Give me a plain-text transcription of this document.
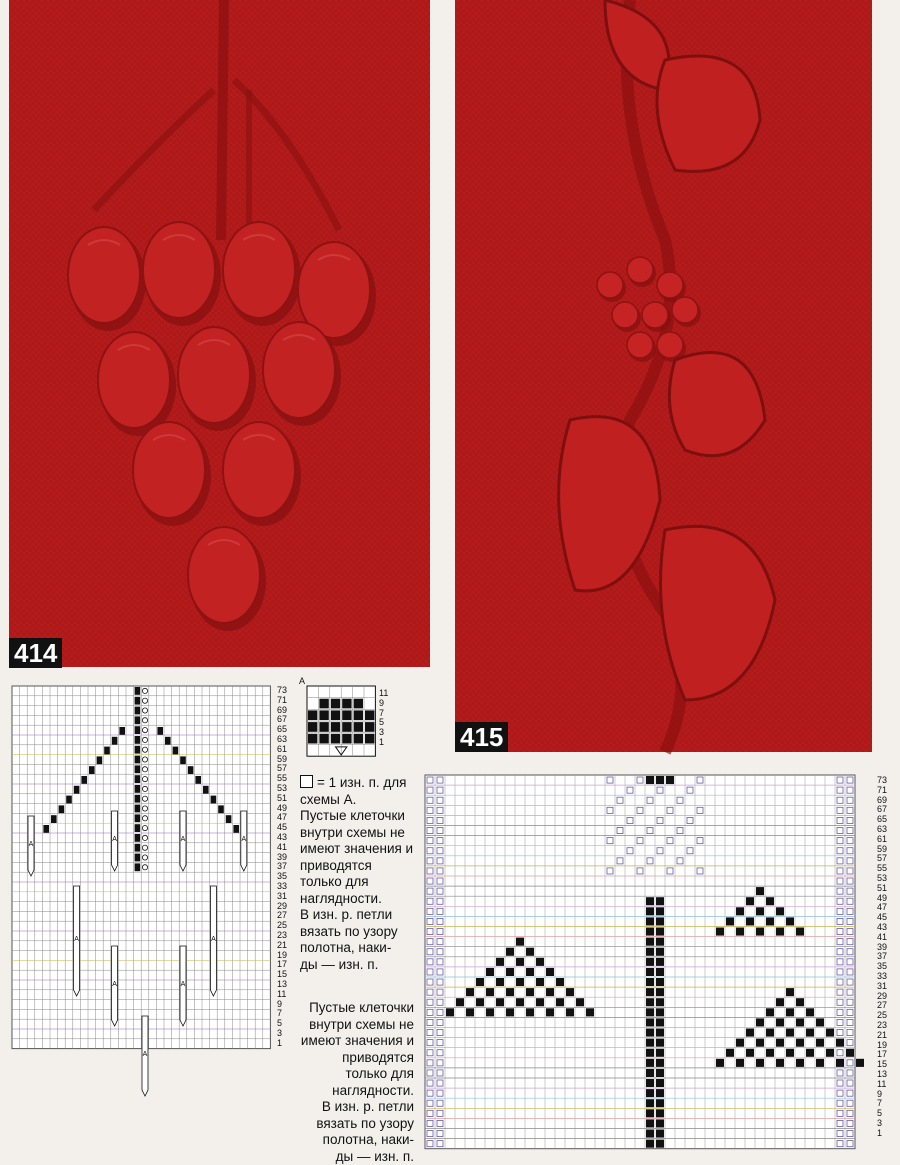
414
415
A
A	A	A
A	A
A	A
A
73
71
69
67
65
63
61
59
57
55
53
51
49
47
45
43
41
39
37
35
33
31
29
27
25
23
21
19
17
15
13
11
9
7
5
3
1
A
11
9
7
5
3
1
= 1 изн. п. для схемы А.
Пустые клеточки
внутри схемы не
имеют значения и
приводятся
только для
наглядности.
В изн. р. петли
вязать по узору
полотна, наки-
ды — изн. п.
Пустые клеточки
внутри схемы не
имеют значения и
приводятся
только для
наглядности.
В изн. р. петли
вязать по узору
полотна, наки-
ды — изн. п.
73
71
69
67
65
63
61
59
57
55
53
51
49
47
45
43
41
39
37
35
33
31
29
27
25
23
21
19
17
15
13
11
9
7
5
3
1
